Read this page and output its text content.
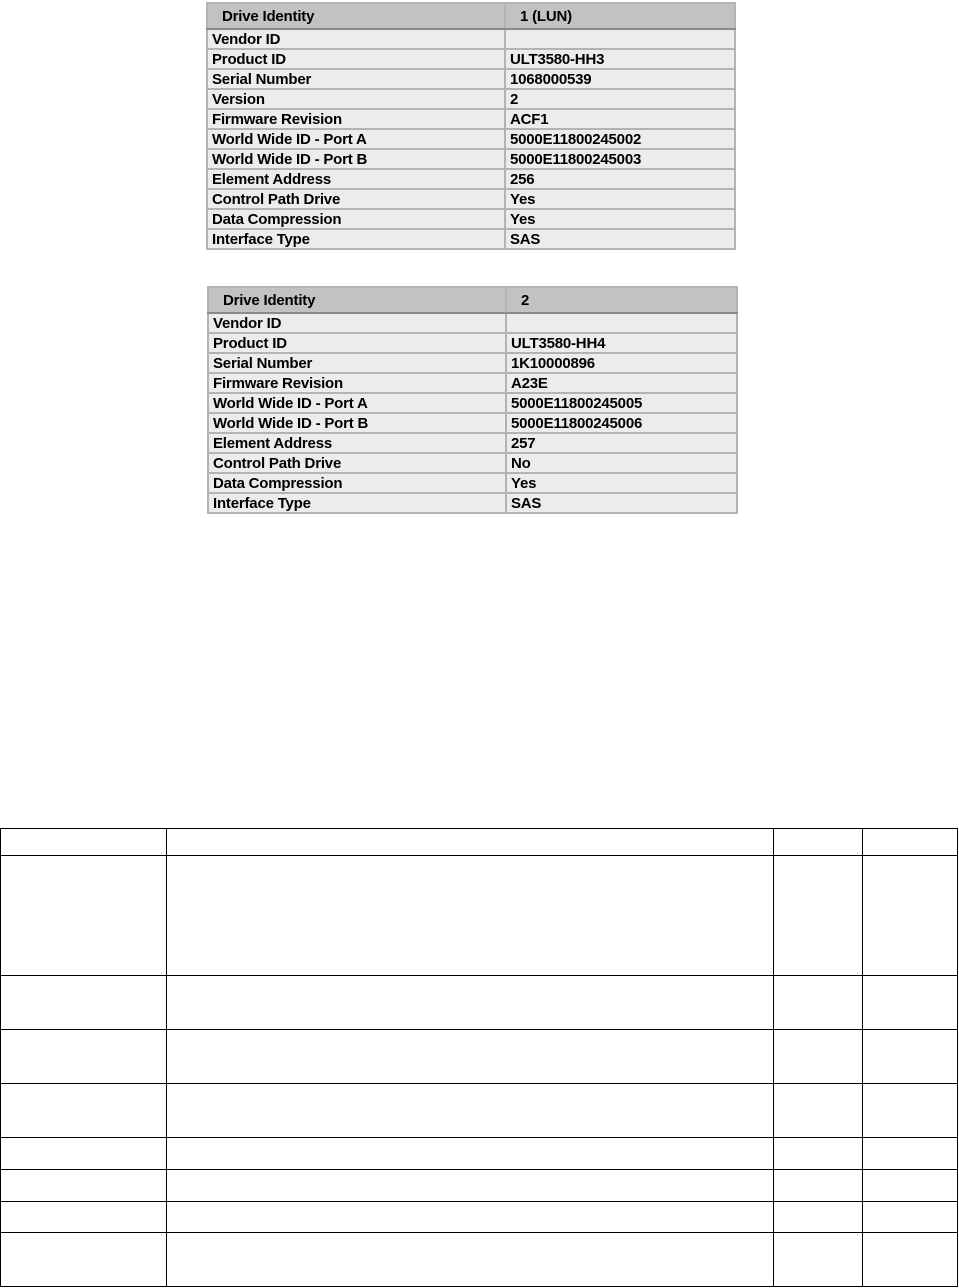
Drive Identity	1 (LUN)
Vendor ID	
Product ID	ULT3580-HH3
Serial Number	1068000539
Version	2
Firmware Revision	ACF1
World Wide ID - Port A	5000E11800245002
World Wide ID - Port B	5000E11800245003
Element Address	256
Control Path Drive	Yes
Data Compression	Yes
Interface Type	SAS
Drive Identity	2
Vendor ID	
Product ID	ULT3580-HH4
Serial Number	1K10000896
Firmware Revision	A23E
World Wide ID - Port A	5000E11800245005
World Wide ID - Port B	5000E11800245006
Element Address	257
Control Path Drive	No
Data Compression	Yes
Interface Type	SAS
